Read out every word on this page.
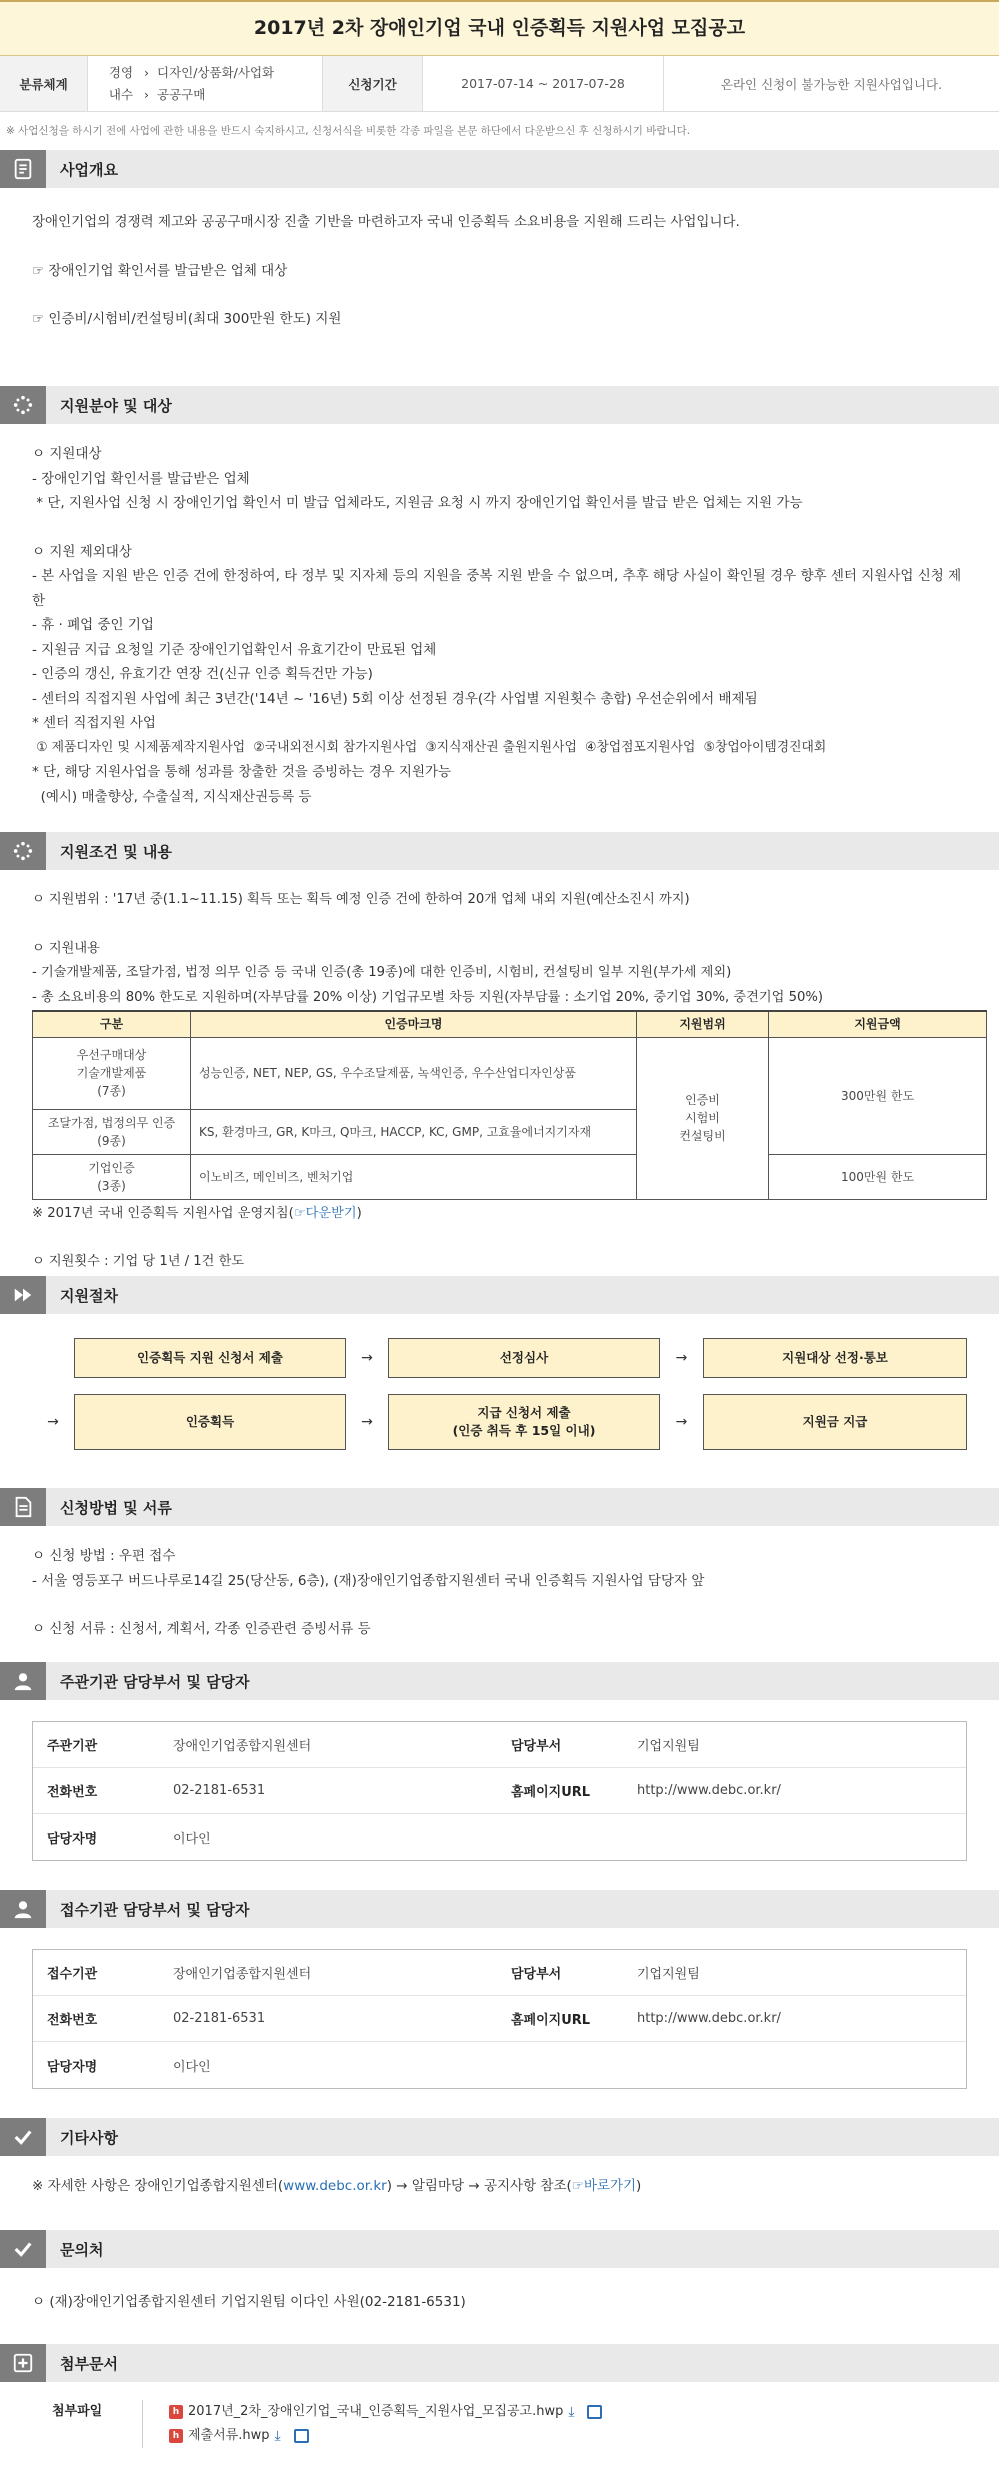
2017년 2차 장애인기업 국내 인증획득 지원사업 모집공고
분류체계
경영 › 디자인/상품화/사업화
내수 › 공공구매
신청기간	2017-07-14 ~ 2017-07-28	온라인 신청이 불가능한 지원사업입니다.
※ 사업신청을 하시기 전에 사업에 관한 내용을 반드시 숙지하시고, 신청서식을 비롯한 각종 파일을 본문 하단에서 다운받으신 후 신청하시기 바랍니다.
사업개요
장애인기업의 경쟁력 제고와 공공구매시장 진출 기반을 마련하고자 국내 인증획득 소요비용을 지원해 드리는 사업입니다.
☞ 장애인기업 확인서를 발급받은 업체 대상
☞ 인증비/시험비/컨설팅비(최대 300만원 한도) 지원
지원분야 및 대상
ㅇ 지원대상
- 장애인기업 확인서를 발급받은 업체
* 단, 지원사업 신청 시 장애인기업 확인서 미 발급 업체라도, 지원금 요청 시 까지 장애인기업 확인서를 발급 받은 업체는 지원 가능
ㅇ 지원 제외대상
- 본 사업을 지원 받은 인증 건에 한정하여, 타 정부 및 지자체 등의 지원을 중복 지원 받을 수 없으며, 추후 해당 사실이 확인될 경우 향후 센터 지원사업 신청 제한
- 휴 · 폐업 중인 기업
- 지원금 지급 요청일 기준 장애인기업확인서 유효기간이 만료된 업체
- 인증의 갱신, 유효기간 연장 건(신규 인증 획득건만 가능)
- 센터의 직접지원 사업에 최근 3년간('14년 ~ '16년) 5회 이상 선정된 경우(각 사업별 지원횟수 총합) 우선순위에서 배제됨
* 센터 직접지원 사업
① 제품디자인 및 시제품제작지원사업  ②국내외전시회 참가지원사업  ③지식재산권 출원지원사업  ④창업점포지원사업  ⑤창업아이템경진대회
* 단, 해당 지원사업을 통해 성과를 창출한 것을 증빙하는 경우 지원가능
(예시) 매출향상, 수출실적, 지식재산권등록 등
지원조건 및 내용
ㅇ 지원범위 : '17년 중(1.1~11.15) 획득 또는 획득 예정 인증 건에 한하여 20개 업체 내외 지원(예산소진시 까지)
ㅇ 지원내용
- 기술개발제품, 조달가점, 법정 의무 인증 등 국내 인증(총 19종)에 대한 인증비, 시험비, 컨설팅비 일부 지원(부가세 제외)
- 총 소요비용의 80% 한도로 지원하며(자부담률 20% 이상) 기업규모별 차등 지원(자부담률 : 소기업 20%, 중기업 30%, 중견기업 50%)
구분	인증마크명	지원범위	지원금액
우선구매대상
기술개발제품
(7종)	성능인증, NET, NEP, GS, 우수조달제품, 녹색인증, 우수산업디자인상품	인증비
시험비
컨설팅비	300만원 한도
조달가점, 법정의무 인증
(9종)	KS, 환경마크, GR, K마크, Q마크, HACCP, KC, GMP, 고효율에너지기자재		
기업인증
(3종)	이노비즈, 메인비즈, 벤처기업		100만원 한도
※ 2017년 국내 인증획득 지원사업 운영지침(☞다운받기)
ㅇ 지원횟수 : 기업 당 1년 / 1건 한도
지원절차
인증획득 지원 신청서 제출	→	선정심사	→	지원대상 선정·통보
→	인증획득	→
지급 신청서 제출
(인증 취득 후 15일 이내)
→	지원금 지급
신청방법 및 서류
ㅇ 신청 방법 : 우편 접수
- 서울 영등포구 버드나루로14길 25(당산동, 6층), (재)장애인기업종합지원센터 국내 인증획득 지원사업 담당자 앞
ㅇ 신청 서류 : 신청서, 계획서, 각종 인증관련 증빙서류 등
주관기관 담당부서 및 담당자
주관기관	장애인기업종합지원센터	담당부서	기업지원팀
전화번호	02-2181-6531	홈페이지URL	http://www.debc.or.kr/
담당자명	이다인
접수기관 담당부서 및 담당자
접수기관	장애인기업종합지원센터	담당부서	기업지원팀
전화번호	02-2181-6531	홈페이지URL	http://www.debc.or.kr/
담당자명	이다인
기타사항
※ 자세한 사항은 장애인기업종합지원센터(www.debc.or.kr) → 알림마당 → 공지사항 참조(☞바로가기)
문의처
ㅇ (재)장애인기업종합지원센터 기업지원팀 이다인 사원(02-2181-6531)
첨부문서
첨부파일	h 2017년_2차_장애인기업_국내_인증획득_지원사업_모집공고.hwp ⤓
h 제출서류.hwp ⤓
